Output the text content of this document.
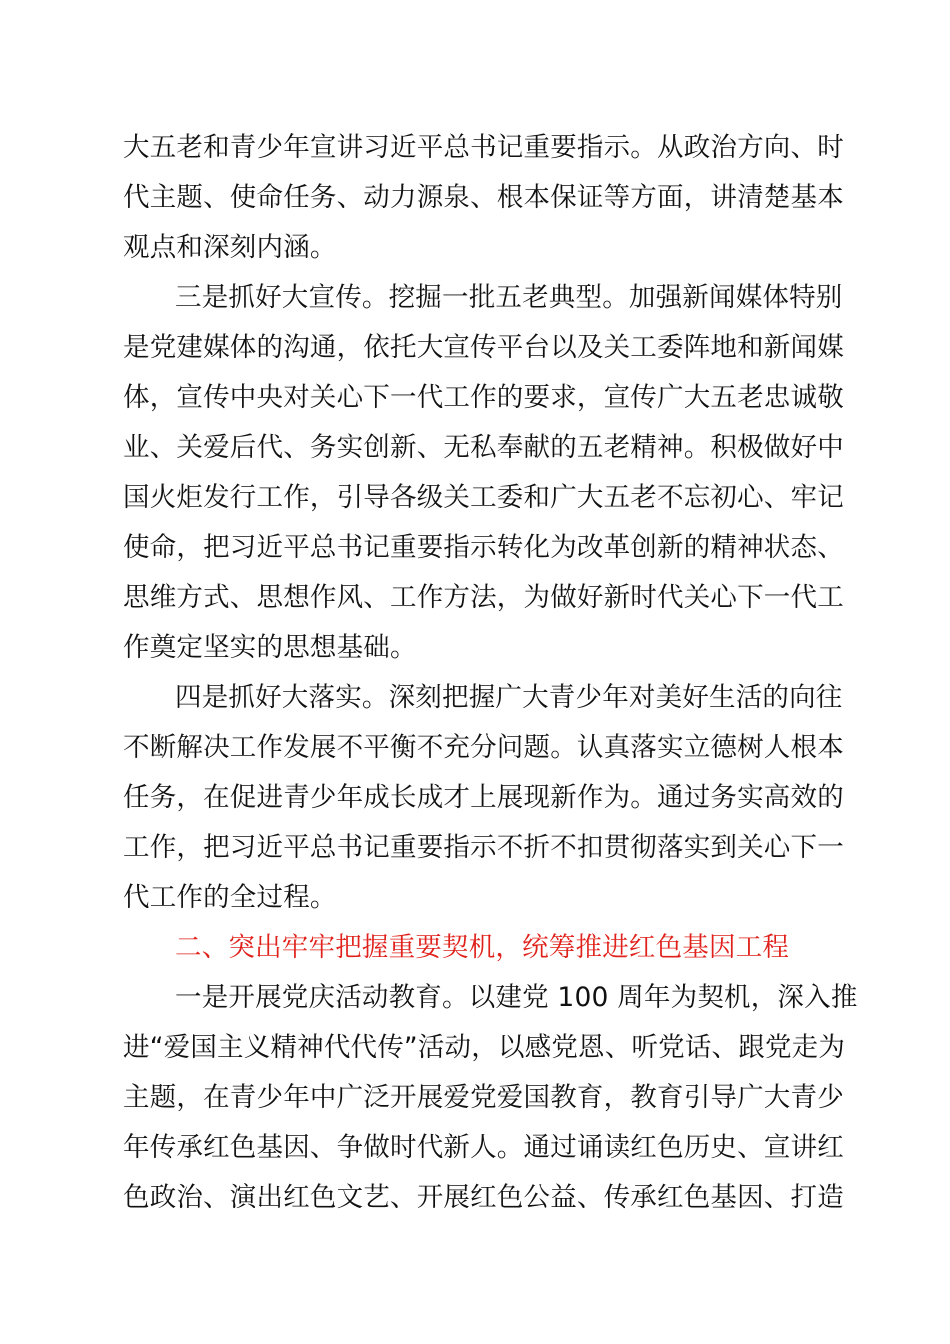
大五老和青少年宣讲习近平总书记重要指示。从政治方向、时
代主题、使命任务、动力源泉、根本保证等方面，讲清楚基本
观点和深刻内涵。
三是抓好大宣传。挖掘一批五老典型。加强新闻媒体特别
是党建媒体的沟通，依托大宣传平台以及关工委阵地和新闻媒
体，宣传中央对关心下一代工作的要求，宣传广大五老忠诚敬
业、关爱后代、务实创新、无私奉献的五老精神。积极做好中
国火炬发行工作，引导各级关工委和广大五老不忘初心、牢记
使命，把习近平总书记重要指示转化为改革创新的精神状态、
思维方式、思想作风、工作方法，为做好新时代关心下一代工
作奠定坚实的思想基础。
四是抓好大落实。深刻把握广大青少年对美好生活的向往
不断解决工作发展不平衡不充分问题。认真落实立德树人根本
任务，在促进青少年成长成才上展现新作为。通过务实高效的
工作，把习近平总书记重要指示不折不扣贯彻落实到关心下一
代工作的全过程。
二、突出牢牢把握重要契机，统筹推进红色基因工程
一是开展党庆活动教育。以建党 100 周年为契机，深入推
进“爱国主义精神代代传”活动，以感党恩、听党话、跟党走为
主题，在青少年中广泛开展爱党爱国教育，教育引导广大青少
年传承红色基因、争做时代新人。通过诵读红色历史、宣讲红
色政治、演出红色文艺、开展红色公益、传承红色基因、打造
